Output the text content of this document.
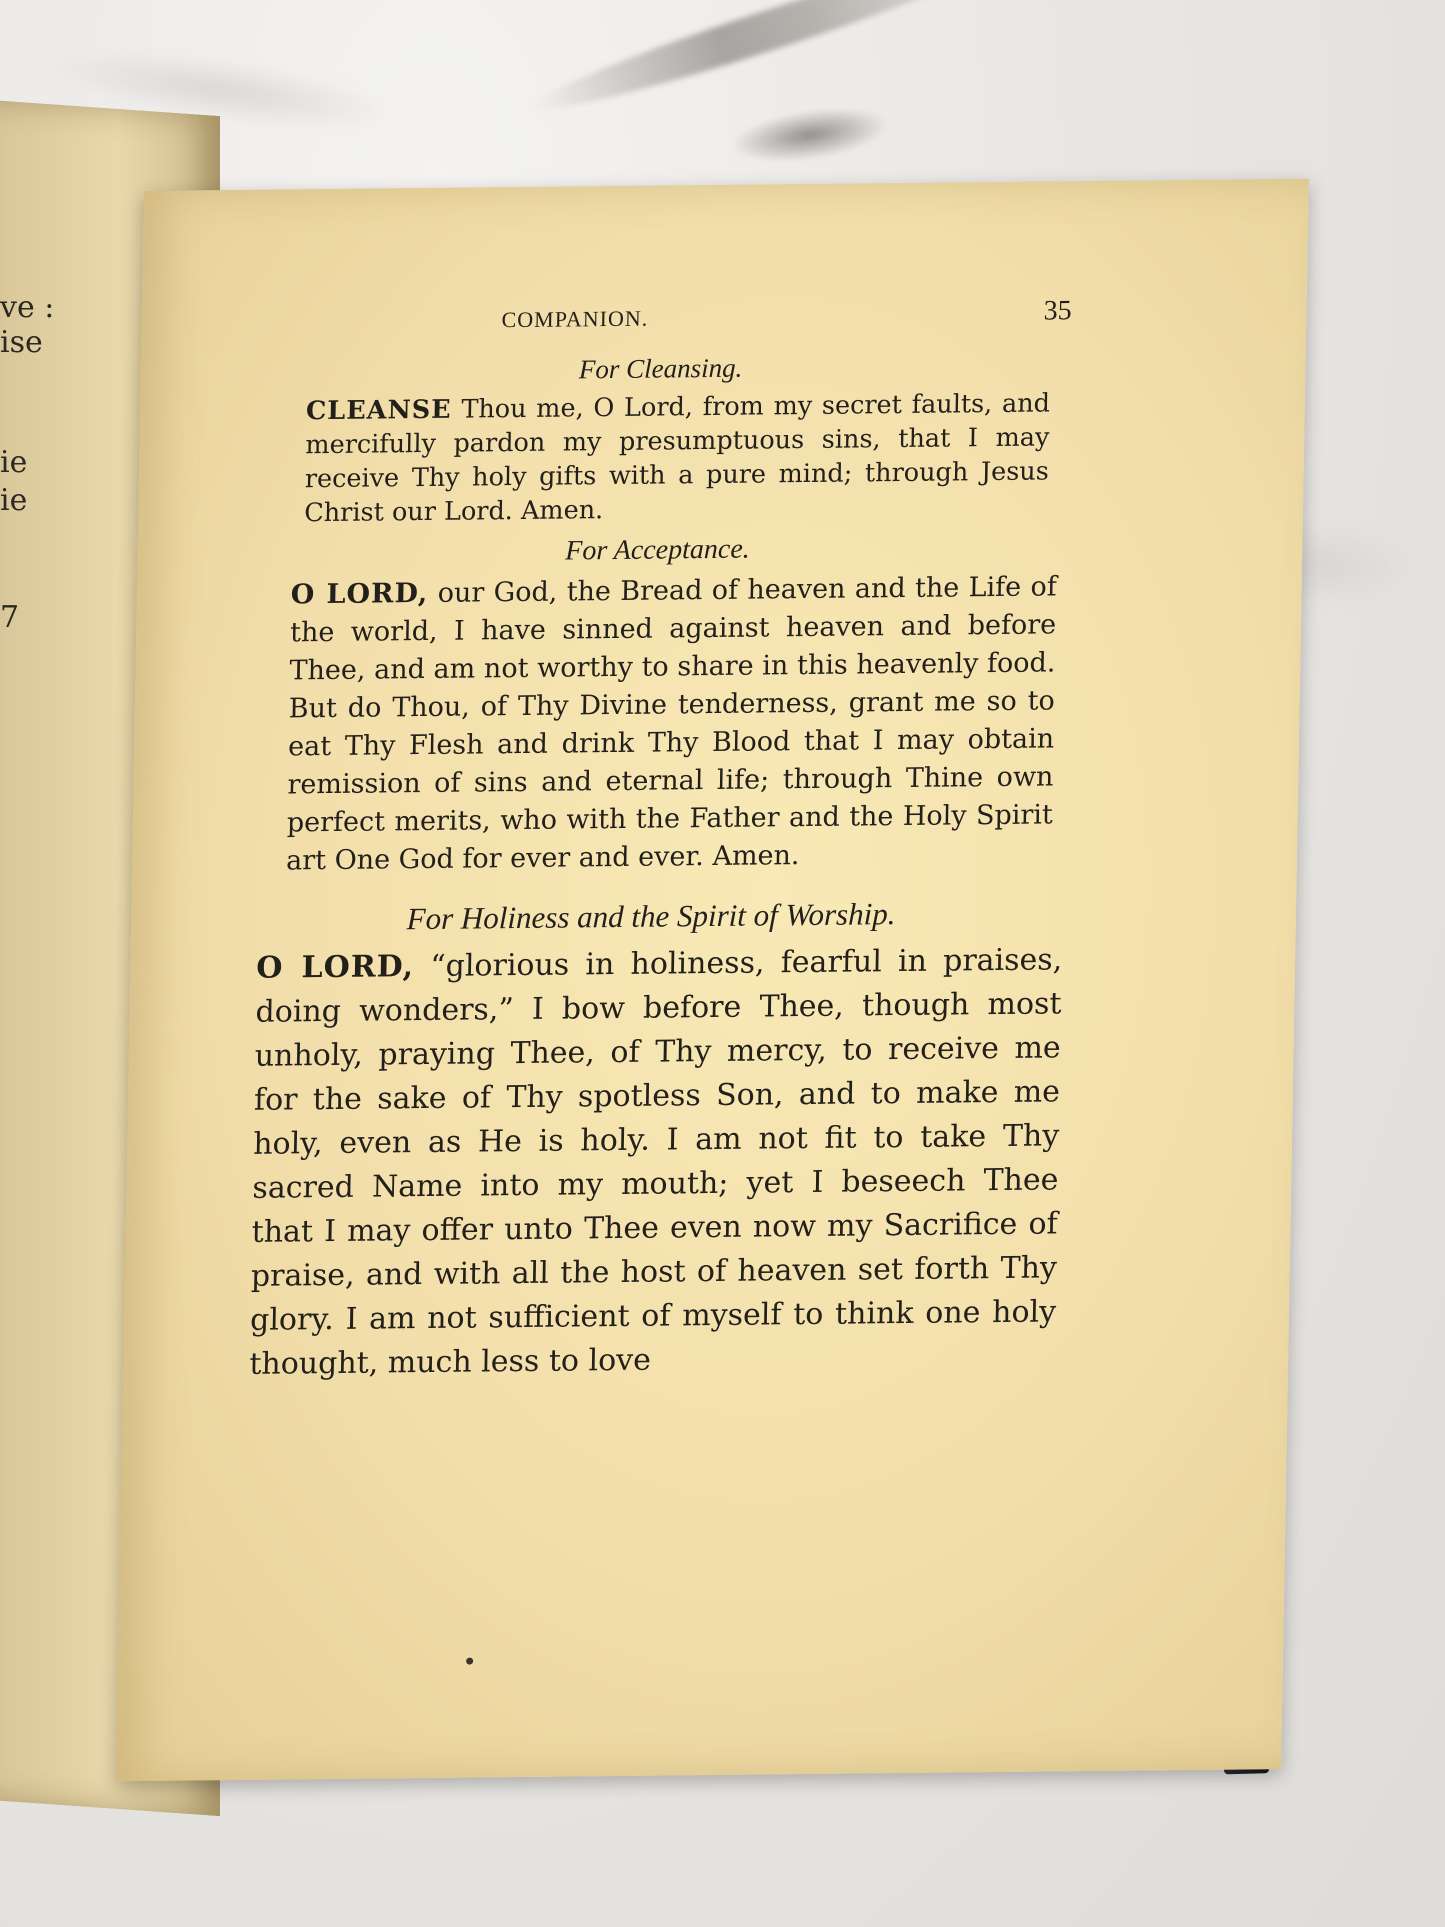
ve :
ise
ie
ie
7
COMPANION.	35
For Cleansing.
CLEANSE Thou me, O Lord, from my secret faults, and mercifully pardon my presumptuous sins, that I may receive Thy holy gifts with a pure mind; through Jesus Christ our Lord. Amen.
For Acceptance.
O LORD, our God, the Bread of heaven and the Life of the world, I have sinned against heaven and before Thee, and am not worthy to share in this heavenly food. But do Thou, of Thy Divine tenderness, grant me so to eat Thy Flesh and drink Thy Blood that I may obtain remission of sins and eternal life; through Thine own perfect merits, who with the Father and the Holy Spirit art One God for ever and ever. Amen.
For Holiness and the Spirit of Worship.
O LORD, “glorious in holiness, fearful in praises, doing wonders,” I bow before Thee, though most unholy, praying Thee, of Thy mercy, to receive me for the sake of Thy spotless Son, and to make me holy, even as He is holy. I am not fit to take Thy sacred Name into my mouth; yet I beseech Thee that I may offer unto Thee even now my Sacrifice of praise, and with all the host of heaven set forth Thy glory. I am not sufficient of myself to think one holy thought, much less to love
